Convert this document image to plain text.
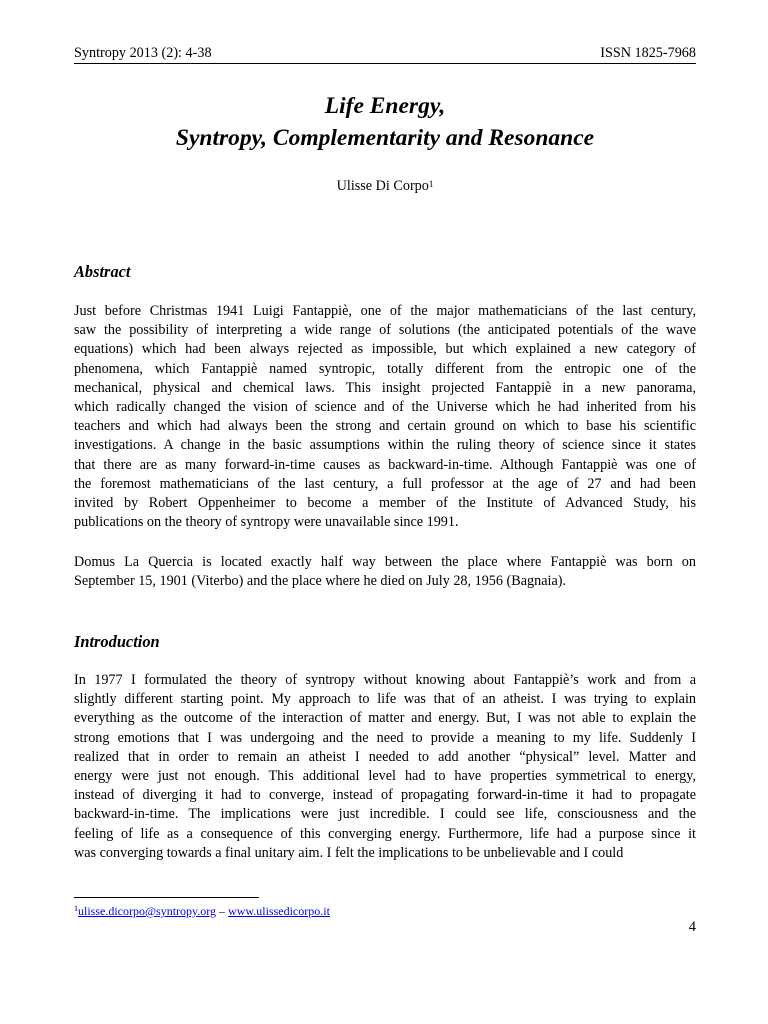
Syntropy 2013 (2): 4-38	ISSN 1825-7968
Life Energy,
Syntropy, Complementarity and Resonance
Ulisse Di Corpo$^1$
Abstract
Just before Christmas 1941 Luigi Fantappiè, one of the major mathematicians of the last century,
saw the possibility of interpreting a wide range of solutions (the anticipated potentials of the wave
equations) which had been always rejected as impossible, but which explained a new category of
phenomena, which Fantappiè named syntropic, totally different from the entropic one of the
mechanical, physical and chemical laws. This insight projected Fantappiè in a new panorama,
which radically changed the vision of science and of the Universe which he had inherited from his
teachers and which had always been the strong and certain ground on which to base his scientific
investigations. A change in the basic assumptions within the ruling theory of science since it states
that there are as many forward-in-time causes as backward-in-time. Although Fantappiè was one of
the foremost mathematicians of the last century, a full professor at the age of 27 and had been
invited by Robert Oppenheimer to become a member of the Institute of Advanced Study, his
publications on the theory of syntropy were unavailable since 1991.
Domus La Quercia is located exactly half way between the place where Fantappiè was born on
September 15, 1901 (Viterbo) and the place where he died on July 28, 1956 (Bagnaia).
Introduction
In 1977 I formulated the theory of syntropy without knowing about Fantappiè’s work and from a
slightly different starting point. My approach to life was that of an atheist. I was trying to explain
everything as the outcome of the interaction of matter and energy. But, I was not able to explain the
strong emotions that I was undergoing and the need to provide a meaning to my life. Suddenly I
realized that in order to remain an atheist I needed to add another “physical” level. Matter and
energy were just not enough. This additional level had to have properties symmetrical to energy,
instead of diverging it had to converge, instead of propagating forward-in-time it had to propagate
backward-in-time. The implications were just incredible. I could see life, consciousness and the
feeling of life as a consequence of this converging energy. Furthermore, life had a purpose since it
was converging towards a final unitary aim. I felt the implications to be unbelievable and I could
$^1$ulisse.dicorpo@syntropy.org – www.ulissedicorpo.it
4
